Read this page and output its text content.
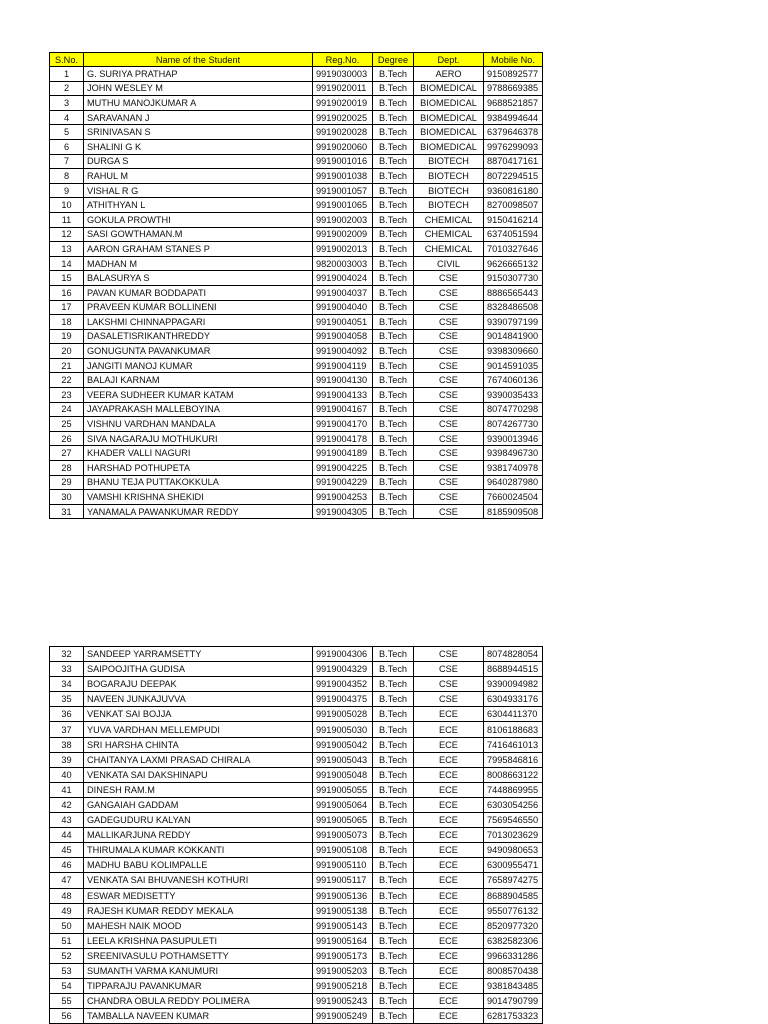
S.No.	Name of the Student	Reg.No.	Degree	Dept.	Mobile No.
1	G. SURIYA PRATHAP	9919030003	B.Tech	AERO	9150892577
2	JOHN WESLEY M	9919020011	B.Tech	BIOMEDICAL	9788669385
3	MUTHU MANOJKUMAR A	9919020019	B.Tech	BIOMEDICAL	9688521857
4	SARAVANAN J	9919020025	B.Tech	BIOMEDICAL	9384994644
5	SRINIVASAN S	9919020028	B.Tech	BIOMEDICAL	6379646378
6	SHALINI G K	9919020060	B.Tech	BIOMEDICAL	9976299093
7	DURGA S	9919001016	B.Tech	BIOTECH	8870417161
8	RAHUL M	9919001038	B.Tech	BIOTECH	8072294515
9	VISHAL R G	9919001057	B.Tech	BIOTECH	9360816180
10	ATHITHYAN L	9919001065	B.Tech	BIOTECH	8270098507
11	GOKULA PROWTHI	9919002003	B.Tech	CHEMICAL	9150416214
12	SASI GOWTHAMAN.M	9919002009	B.Tech	CHEMICAL	6374051594
13	AARON GRAHAM STANES P	9919002013	B.Tech	CHEMICAL	7010327646
14	MADHAN M	9820003003	B.Tech	CIVIL	9626665132
15	BALASURYA S	9919004024	B.Tech	CSE	9150307730
16	PAVAN KUMAR BODDAPATI	9919004037	B.Tech	CSE	8886565443
17	PRAVEEN KUMAR BOLLINENI	9919004040	B.Tech	CSE	8328486508
18	LAKSHMI CHINNAPPAGARI	9919004051	B.Tech	CSE	9390797199
19	DASALETISRIKANTHREDDY	9919004058	B.Tech	CSE	9014841900
20	GONUGUNTA PAVANKUMAR	9919004092	B.Tech	CSE	9398309660
21	JANGITI MANOJ KUMAR	9919004119	B.Tech	CSE	9014591035
22	BALAJI KARNAM	9919004130	B.Tech	CSE	7674060136
23	VEERA SUDHEER KUMAR KATAM	9919004133	B.Tech	CSE	9390035433
24	JAYAPRAKASH MALLEBOYINA	9919004167	B.Tech	CSE	8074770298
25	VISHNU VARDHAN MANDALA	9919004170	B.Tech	CSE	8074267730
26	SIVA NAGARAJU MOTHUKURI	9919004178	B.Tech	CSE	9390013946
27	KHADER VALLI NAGURI	9919004189	B.Tech	CSE	9398496730
28	HARSHAD POTHUPETA	9919004225	B.Tech	CSE	9381740978
29	BHANU TEJA PUTTAKOKKULA	9919004229	B.Tech	CSE	9640287980
30	VAMSHI KRISHNA SHEKIDI	9919004253	B.Tech	CSE	7660024504
31	YANAMALA PAWANKUMAR REDDY	9919004305	B.Tech	CSE	8185909508
32	SANDEEP YARRAMSETTY	9919004306	B.Tech	CSE	8074828054
33	SAIPOOJITHA GUDISA	9919004329	B.Tech	CSE	8688944515
34	BOGARAJU DEEPAK	9919004352	B.Tech	CSE	9390094982
35	NAVEEN JUNKAJUVVA	9919004375	B.Tech	CSE	6304933176
36	VENKAT SAI BOJJA	9919005028	B.Tech	ECE	6304411370
37	YUVA VARDHAN MELLEMPUDI	9919005030	B.Tech	ECE	8106188683
38	SRI HARSHA CHINTA	9919005042	B.Tech	ECE	7416461013
39	CHAITANYA LAXMI PRASAD CHIRALA	9919005043	B.Tech	ECE	7995846816
40	VENKATA SAI DAKSHINAPU	9919005048	B.Tech	ECE	8008663122
41	DINESH RAM.M	9919005055	B.Tech	ECE	7448869955
42	GANGAIAH GADDAM	9919005064	B.Tech	ECE	6303054256
43	GADEGUDURU KALYAN	9919005065	B.Tech	ECE	7569546550
44	MALLIKARJUNA REDDY	9919005073	B.Tech	ECE	7013023629
45	THIRUMALA KUMAR KOKKANTI	9919005108	B.Tech	ECE	9490980653
46	MADHU BABU KOLIMPALLE	9919005110	B.Tech	ECE	6300955471
47	VENKATA SAI BHUVANESH KOTHURI	9919005117	B.Tech	ECE	7658974275
48	ESWAR MEDISETTY	9919005136	B.Tech	ECE	8688904585
49	RAJESH KUMAR REDDY MEKALA	9919005138	B.Tech	ECE	9550776132
50	MAHESH NAIK MOOD	9919005143	B.Tech	ECE	8520977320
51	LEELA KRISHNA PASUPULETI	9919005164	B.Tech	ECE	6382582306
52	SREENIVASULU POTHAMSETTY	9919005173	B.Tech	ECE	9966331286
53	SUMANTH VARMA KANUMURI	9919005203	B.Tech	ECE	8008570438
54	TIPPARAJU PAVANKUMAR	9919005218	B.Tech	ECE	9381843485
55	CHANDRA OBULA REDDY POLIMERA	9919005243	B.Tech	ECE	9014790799
56	TAMBALLA NAVEEN KUMAR	9919005249	B.Tech	ECE	6281753323
